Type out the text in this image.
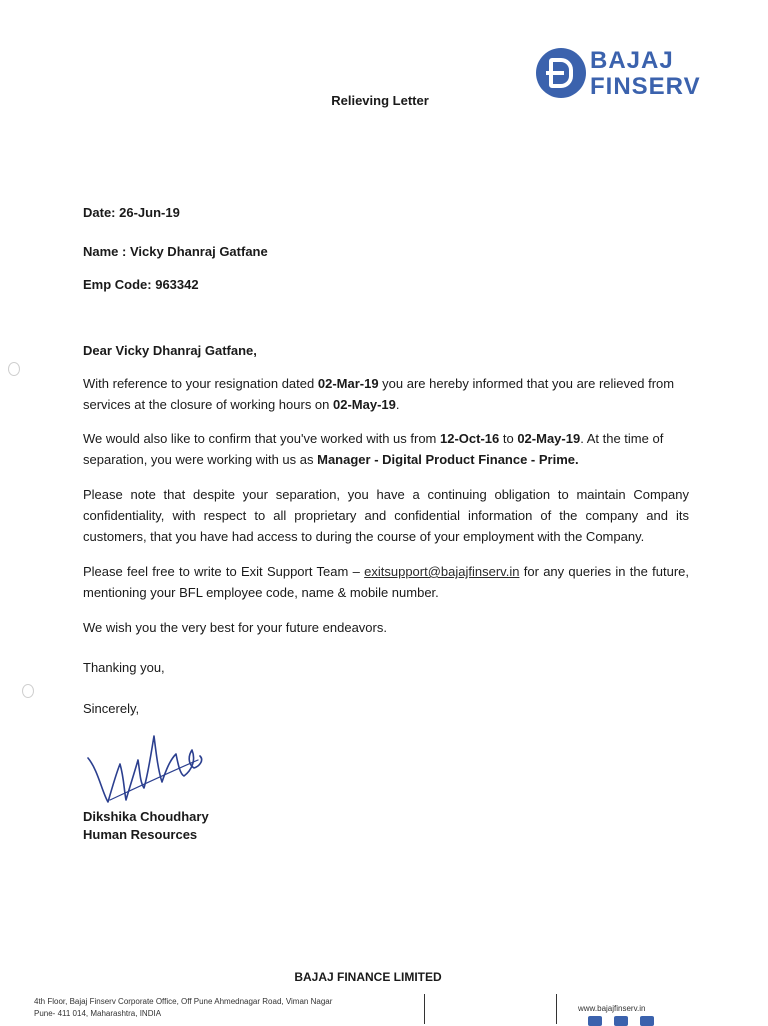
BAJAJ
FINSERV
Relieving Letter
Date: 26-Jun-19
Name : Vicky Dhanraj Gatfane
Emp Code: 963342
Dear Vicky Dhanraj Gatfane,
With reference to your resignation dated 02-Mar-19 you are hereby informed that you are relieved from services at the closure of working hours on 02-May-19.
We would also like to confirm that you've worked with us from 12-Oct-16 to 02-May-19. At the time of separation, you were working with us as Manager - Digital Product Finance - Prime.
Please note that despite your separation, you have a continuing obligation to maintain Company confidentiality, with respect to all proprietary and confidential information of the company and its customers, that you have had access to during the course of your employment with the Company.
Please feel free to write to Exit Support Team – exitsupport@bajajfinserv.in for any queries in the future, mentioning your BFL employee code, name & mobile number.
We wish you the very best for your future endeavors.
Thanking you,
Sincerely,
Dikshika Choudhary
Human Resources
BAJAJ FINANCE LIMITED
4th Floor, Bajaj Finserv Corporate Office, Off Pune Ahmednagar Road, Viman Nagar
Pune- 411 014, Maharashtra, INDIA
www.bajajfinserv.in
